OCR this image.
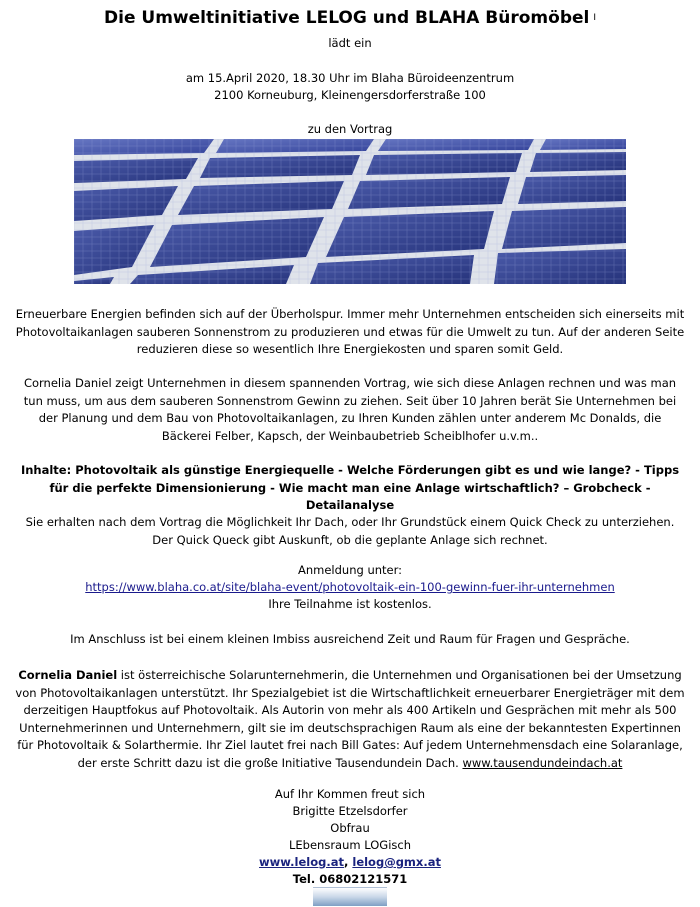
Die Umweltinitiative LELOG und BLAHA Büromöbel I
lädt ein
am 15.April 2020, 18.30 Uhr im Blaha Büroideenzentrum
2100 Korneuburg, Kleinengersdorferstraße 100
zu den Vortrag
Erneuerbare Energien befinden sich auf der Überholspur. Immer mehr Unternehmen entscheiden sich einerseits mit Photovoltaikanlagen sauberen Sonnenstrom zu produzieren und etwas für die Umwelt zu tun. Auf der anderen Seite reduzieren diese so wesentlich Ihre Energiekosten und sparen somit Geld.
Cornelia Daniel zeigt Unternehmen in diesem spannenden Vortrag, wie sich diese Anlagen rechnen und was man tun muss, um aus dem sauberen Sonnenstrom Gewinn zu ziehen. Seit über 10 Jahren berät Sie Unternehmen bei der Planung und dem Bau von Photovoltaikanlagen, zu Ihren Kunden zählen unter anderem Mc Donalds, die Bäckerei Felber, Kapsch, der Weinbaubetrieb Scheiblhofer u.v.m..
Inhalte: Photovoltaik als günstige Energiequelle - Welche Förderungen gibt es und wie lange? - Tipps für die perfekte Dimensionierung - Wie macht man eine Anlage wirtschaftlich? – Grobcheck - Detailanalyse
Sie erhalten nach dem Vortrag die Möglichkeit Ihr Dach, oder Ihr Grundstück einem Quick Check zu unterziehen. Der Quick Queck gibt Auskunft, ob die geplante Anlage sich rechnet.
Anmeldung unter:
https://www.blaha.co.at/site/blaha-event/photovoltaik-ein-100-gewinn-fuer-ihr-unternehmen
Ihre Teilnahme ist kostenlos.
Im Anschluss ist bei einem kleinen Imbiss ausreichend Zeit und Raum für Fragen und Gespräche.
Cornelia Daniel ist österreichische Solarunternehmerin, die Unternehmen und Organisationen bei der Umsetzung von Photovoltaikanlagen unterstützt. Ihr Spezialgebiet ist die Wirtschaftlichkeit erneuerbarer Energieträger mit dem derzeitigen Hauptfokus auf Photovoltaik. Als Autorin von mehr als 400 Artikeln und Gesprächen mit mehr als 500 Unternehmerinnen und Unternehmern, gilt sie im deutschsprachigen Raum als eine der bekanntesten Expertinnen für Photovoltaik & Solarthermie. Ihr Ziel lautet frei nach Bill Gates: Auf jedem Unternehmensdach eine Solaranlage, der erste Schritt dazu ist die große Initiative Tausendundein Dach. www.tausendundeindach.at
Auf Ihr Kommen freut sich
Brigitte Etzelsdorfer
Obfrau
LEbensraum LOGisch
www.lelog.at, lelog@gmx.at
Tel. 06802121571
